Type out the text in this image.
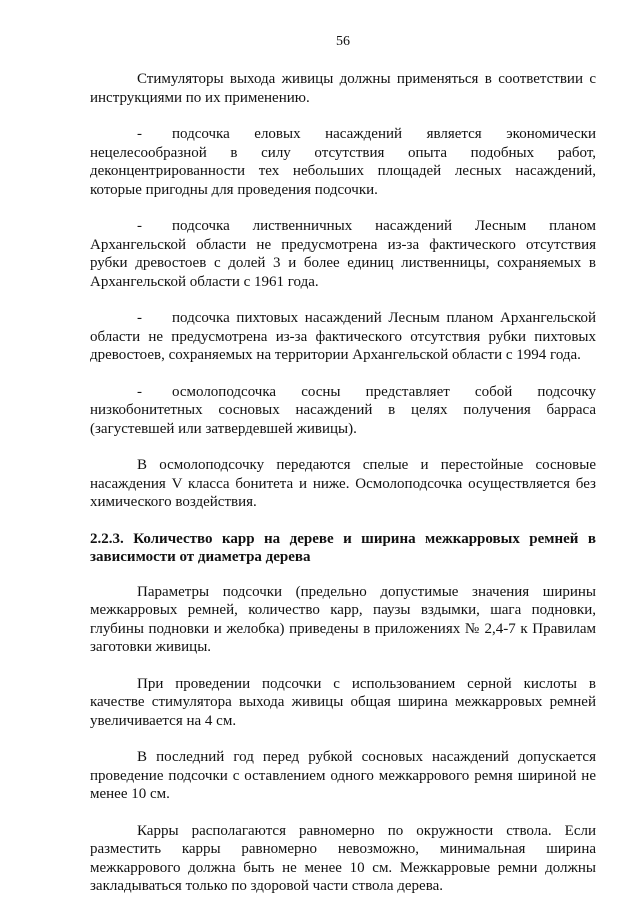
56

Стимуляторы выхода живицы должны применяться в соответствии с инструкциями по их применению.

-  подсочка еловых насаждений является экономически нецелесообразной в силу отсутствия опыта подобных работ, деконцентрированности тех небольших площадей лесных насаждений, которые пригодны для проведения подсочки.

-  подсочка лиственничных насаждений Лесным планом Архангельской области не предусмотрена из-за фактического отсутствия рубки древостоев с долей 3 и более единиц лиственницы, сохраняемых в Архангельской области с 1961 года.

-  подсочка пихтовых насаждений Лесным планом Архангельской области не предусмотрена из-за фактического отсутствия рубки пихтовых древостоев, сохраняемых на территории Архангельской области с 1994 года.

-  осмолоподсочка сосны представляет собой подсочку низкобонитетных сосновых насаждений в целях получения барраса (загустевшей или затвердевшей живицы).

В осмолоподсочку передаются спелые и перестойные сосновые насаждения V класса бонитета и ниже. Осмолоподсочка осуществляется без химического воздействия.

2.2.3. Количество карр на дереве и ширина межкарровых ремней в зависимости от диаметра дерева

Параметры подсочки (предельно допустимые значения ширины межкарровых ремней, количество карр, паузы вздымки, шага подновки, глубины подновки и желобка) приведены в приложениях № 2,4-7 к Правилам заготовки живицы.

При проведении подсочки с использованием серной кислоты в качестве стимулятора выхода живицы общая ширина межкарровых ремней увеличивается на 4 см.

В последний год перед рубкой сосновых насаждений допускается проведение подсочки с оставлением одного межкаррового ремня шириной не менее 10 см.

Карры располагаются равномерно по окружности ствола. Если разместить карры равномерно невозможно, минимальная ширина межкаррового должна быть не менее 10 см. Межкарровые ремни должны закладываться только по здоровой части ствола дерева.
